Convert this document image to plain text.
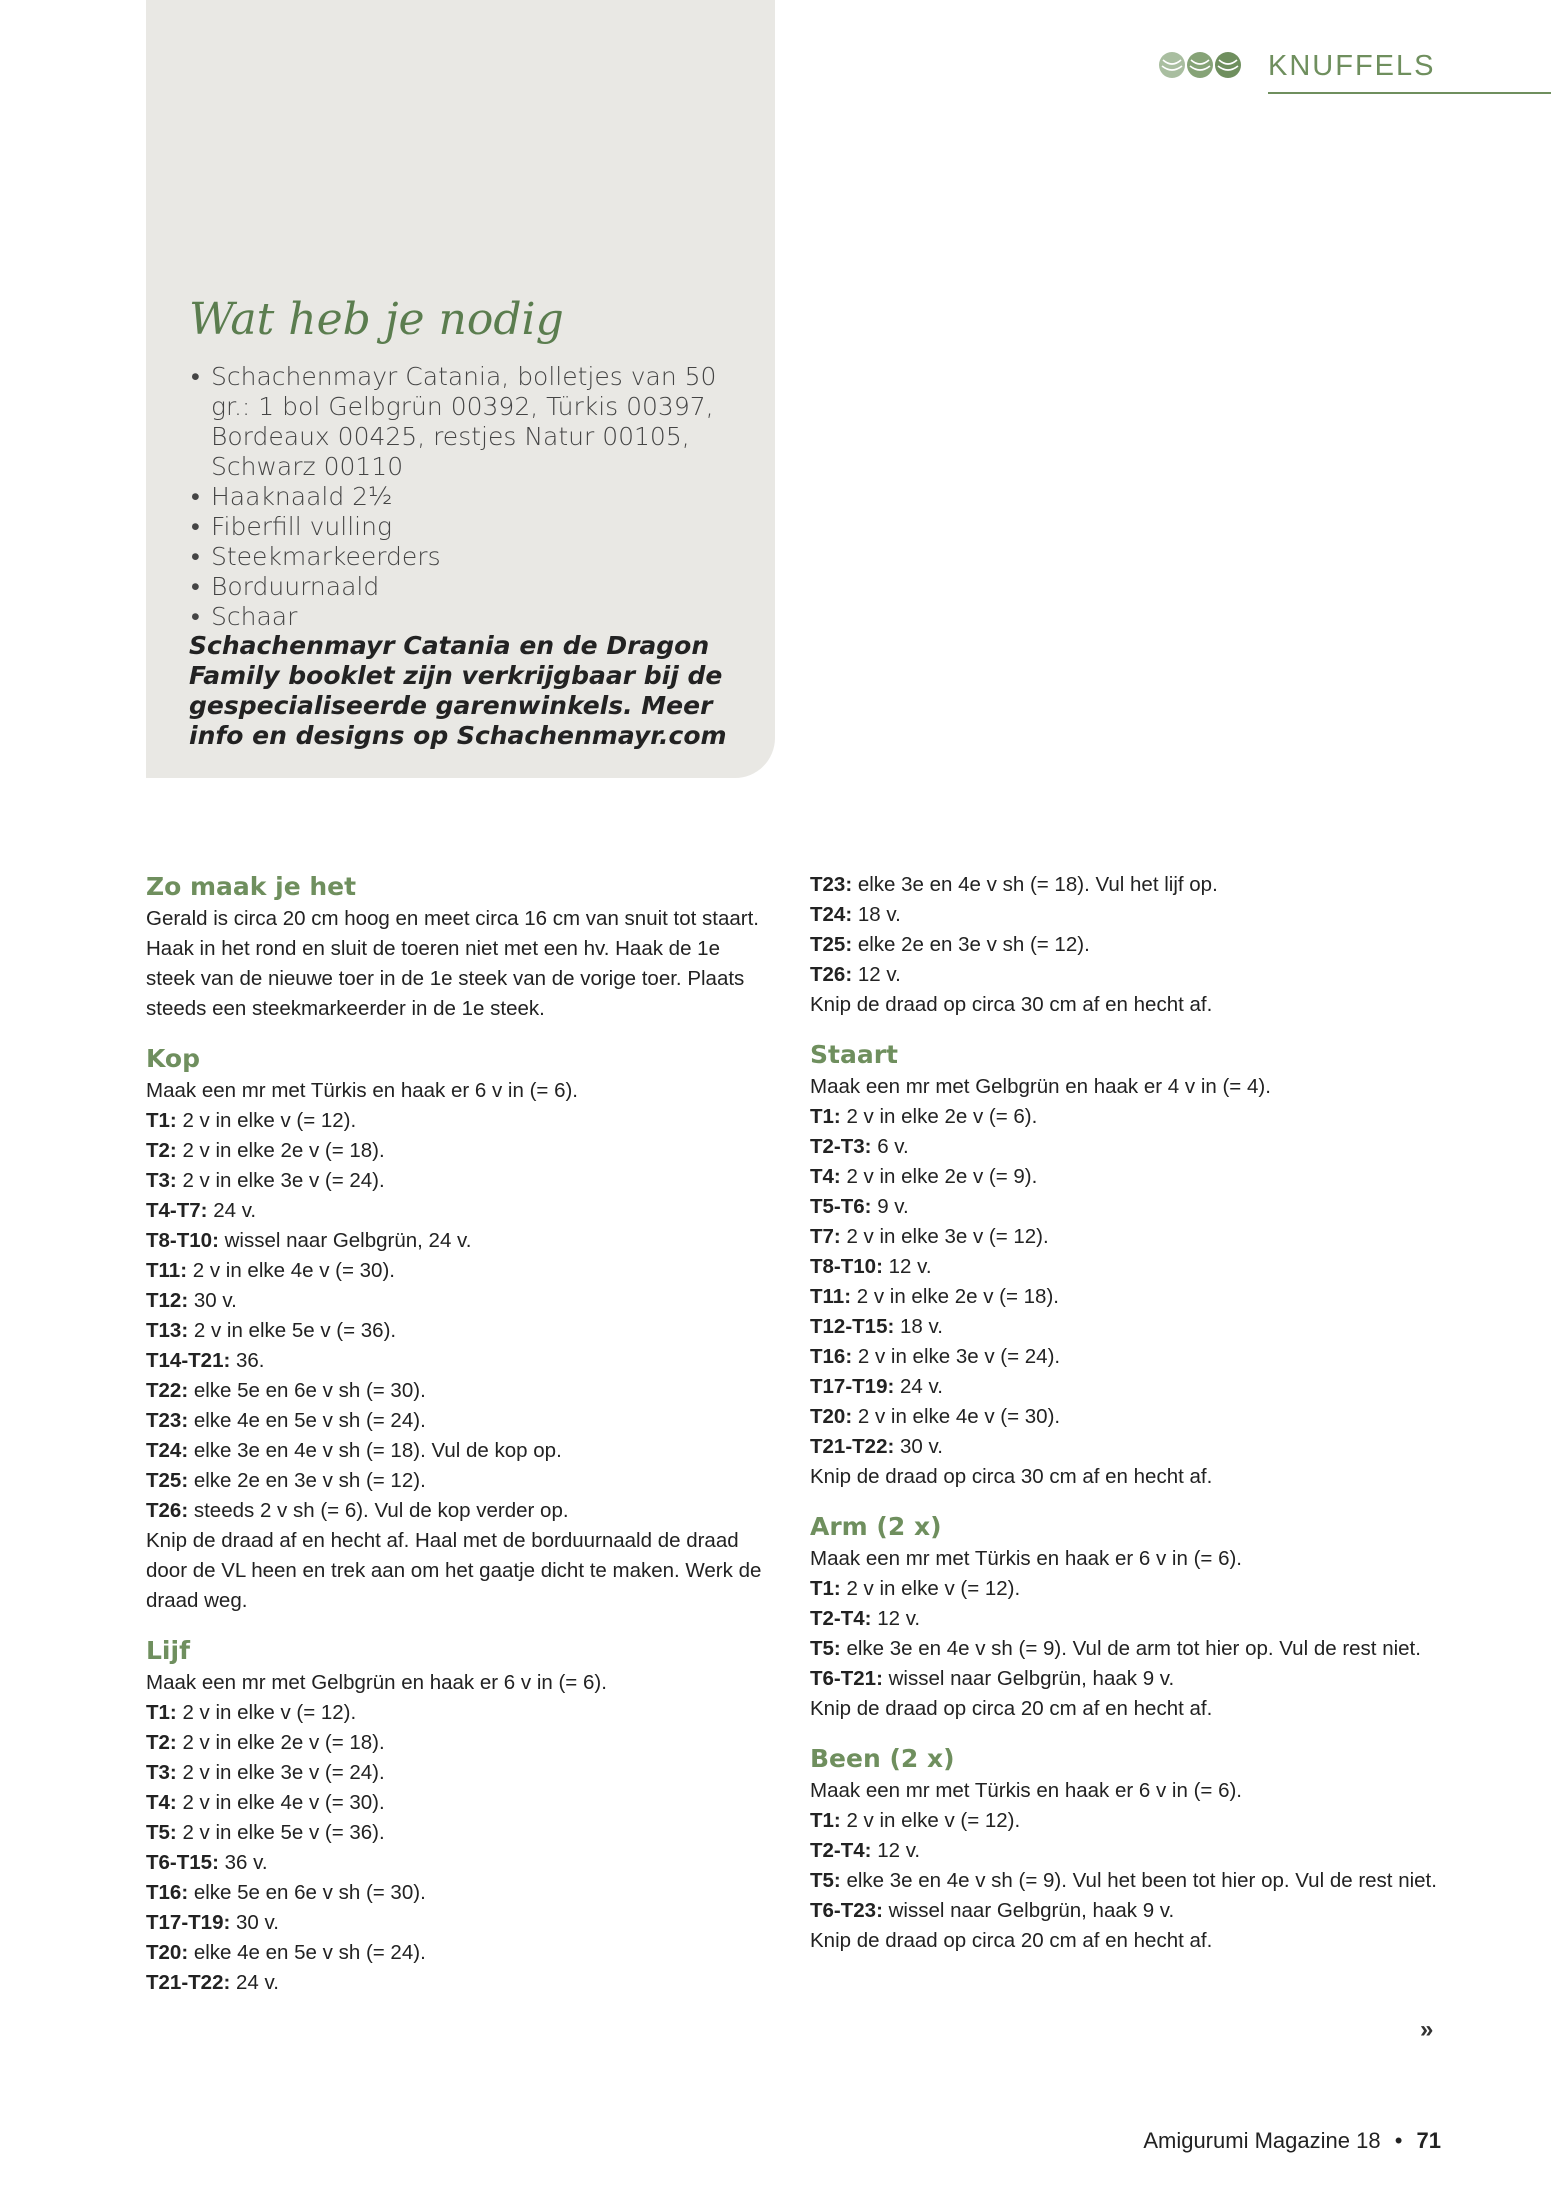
KNUFFELS
Wat heb je nodig
• Schachenmayr Catania, bolletjes van 50 gr.: 1 bol Gelbgrün 00392, Türkis 00397, Bordeaux 00425, restjes Natur 00105, Schwarz 00110
• Haaknaald 2½
• Fiberfill vulling
• Steekmarkeerders
• Borduurnaald
• Schaar
Schachenmayr Catania en de Dragon Family booklet zijn verkrijgbaar bij de gespecialiseerde garenwinkels. Meer info en designs op Schachenmayr.com
Zo maak je het

Gerald is circa 20 cm hoog en meet circa 16 cm van snuit tot staart. Haak in het rond en sluit de toeren niet met een hv. Haak de 1e steek van de nieuwe toer in de 1e steek van de vorige toer. Plaats steeds een steekmarkeerder in de 1e steek.

Kop

Maak een mr met Türkis en haak er 6 v in (= 6).

T1: 2 v in elke v (= 12).

T2: 2 v in elke 2e v (= 18).

T3: 2 v in elke 3e v (= 24).

T4-T7: 24 v.

T8-T10: wissel naar Gelbgrün, 24 v.

T11: 2 v in elke 4e v (= 30).

T12: 30 v.

T13: 2 v in elke 5e v (= 36).

T14-T21: 36.

T22: elke 5e en 6e v sh (= 30).

T23: elke 4e en 5e v sh (= 24).

T24: elke 3e en 4e v sh (= 18). Vul de kop op.

T25: elke 2e en 3e v sh (= 12).

T26: steeds 2 v sh (= 6). Vul de kop verder op.

Knip de draad af en hecht af. Haal met de borduurnaald de draad door de VL heen en trek aan om het gaatje dicht te maken. Werk de draad weg.

Lijf

Maak een mr met Gelbgrün en haak er 6 v in (= 6).

T1: 2 v in elke v (= 12).

T2: 2 v in elke 2e v (= 18).

T3: 2 v in elke 3e v (= 24).

T4: 2 v in elke 4e v (= 30).

T5: 2 v in elke 5e v (= 36).

T6-T15: 36 v.

T16: elke 5e en 6e v sh (= 30).

T17-T19: 30 v.

T20: elke 4e en 5e v sh (= 24).

T21-T22: 24 v.

T23: elke 3e en 4e v sh (= 18). Vul het lijf op.

T24: 18 v.

T25: elke 2e en 3e v sh (= 12).

T26: 12 v.

Knip de draad op circa 30 cm af en hecht af.

Staart

Maak een mr met Gelbgrün en haak er 4 v in (= 4).

T1: 2 v in elke 2e v (= 6).

T2-T3: 6 v.

T4: 2 v in elke 2e v (= 9).

T5-T6: 9 v.

T7: 2 v in elke 3e v (= 12).

T8-T10: 12 v.

T11: 2 v in elke 2e v (= 18).

T12-T15: 18 v.

T16: 2 v in elke 3e v (= 24).

T17-T19: 24 v.

T20: 2 v in elke 4e v (= 30).

T21-T22: 30 v.

Knip de draad op circa 30 cm af en hecht af.

Arm (2 x)

Maak een mr met Türkis en haak er 6 v in (= 6).

T1: 2 v in elke v (= 12).

T2-T4: 12 v.

T5: elke 3e en 4e v sh (= 9). Vul de arm tot hier op. Vul de rest niet.

T6-T21: wissel naar Gelbgrün, haak 9 v.

Knip de draad op circa 20 cm af en hecht af.

Been (2 x)

Maak een mr met Türkis en haak er 6 v in (= 6).

T1: 2 v in elke v (= 12).

T2-T4: 12 v.

T5: elke 3e en 4e v sh (= 9). Vul het been tot hier op. Vul de rest niet.

T6-T23: wissel naar Gelbgrün, haak 9 v.

Knip de draad op circa 20 cm af en hecht af.

»
Amigurumi Magazine 18 • 71
